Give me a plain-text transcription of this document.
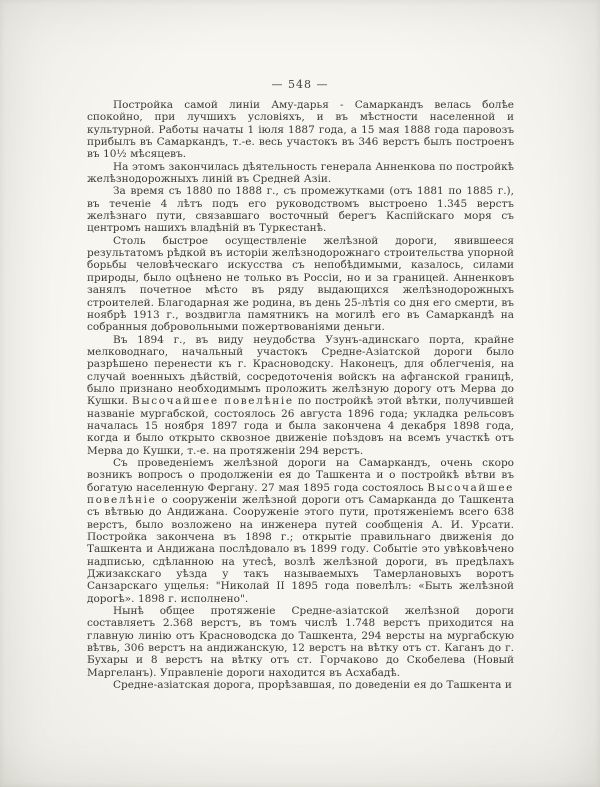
— 548 —

Постройка самой линіи Аму-дарья - Самаркандъ велась болѣе спокойно, при лучшихъ условіяхъ, и въ мѣстности населенной и культурной. Работы начаты 1 іюля 1887 года, а 15 мая 1888 года паровозъ прибылъ въ Самаркандъ, т.-е. весь участокъ въ 346 верстъ былъ построенъ въ 10½ мѣсяцевъ.

На этомъ закончилась дѣятельность генерала Анненкова по постройкѣ желѣзнодорожныхъ линій въ Средней Азіи.

За время съ 1880 по 1888 г., съ промежутками (отъ 1881 по 1885 г.), въ теченіе 4 лѣтъ подъ его руководствомъ выстроено 1.345 верстъ желѣзнаго пути, связавшаго восточный берегъ Каспійскаго моря съ центромъ нашихъ владѣній въ Туркестанѣ.

Столь быстрое осуществленіе желѣзной дороги, явившееся результатомъ рѣдкой въ исторіи желѣзнодорожнаго строительства упорной борьбы человѣческаго искусства съ непобѣдимыми, казалось, силами природы, было оцѣнено не только въ Россіи, но и за границей. Анненковъ занялъ почетное мѣсто въ ряду выдающихся желѣзнодорожныхъ строителей. Благодарная же родина, въ день 25-лѣтія со дня его смерти, въ ноябрѣ 1913 г., воздвигла памятникъ на могилѣ его въ Самаркандѣ на собранныя добровольными пожертвованіями деньги.

Въ 1894 г., въ виду неудобства Узунъ-адинскаго порта, крайне мелководнаго, начальный участокъ Средне-Азіатской дороги было разрѣшено перенести къ г. Красноводску. Наконецъ, для облегченія, на случай военныхъ дѣйствій, сосредоточенія войскъ на афганской границѣ, было признано необходимымъ проложить желѣзную дорогу отъ Мерва до Кушки. Высочайшее повелѣніе по постройкѣ этой вѣтки, получившей названіе мургабской, состоялось 26 августа 1896 года; укладка рельсовъ началась 15 ноября 1897 года и была закончена 4 декабря 1898 года, когда и было открыто сквозное движеніе поѣздовъ на всемъ участкѣ отъ Мерва до Кушки, т.-е. на протяженіи 294 верстъ.

Съ проведеніемъ желѣзной дороги на Самаркандъ, очень скоро возникъ вопросъ о продолженіи ея до Ташкента и о постройкѣ вѣтви въ богатую населенную Фергану. 27 мая 1895 года состоялось Высочайшее повелѣніе о сооруженіи желѣзной дороги отъ Самарканда до Ташкента съ вѣтвью до Андижана. Сооруженіе этого пути, протяженіемъ всего 638 верстъ, было возложено на инженера путей сообщенія А. И. Урсати. Постройка закончена въ 1898 г.; открытіе правильнаго движенія до Ташкента и Андижана послѣдовало въ 1899 году. Событіе это увѣковѣчено надписью, сдѣланною на утесѣ, возлѣ желѣзной дороги, въ предѣлахъ Джизакскаго уѣзда у такъ называемыхъ Тамерлановыхъ воротъ Санзарскаго ущелья: "Николай II 1895 года повелѣлъ: «Быть желѣзной дорогѣ». 1898 г. исполнено".

Нынѣ общее протяженіе Средне-азіатской желѣзной дороги составляетъ 2.368 верстъ, въ томъ числѣ 1.748 верстъ приходится на главную линію отъ Красноводска до Ташкента, 294 версты на мургабскую вѣтвь, 306 верстъ на андижанскую, 12 верстъ на вѣтку отъ ст. Каганъ до г. Бухары и 8 верстъ на вѣтку отъ ст. Горчаково до Скобелева (Новый Маргеланъ). Управленіе дороги находится въ Асхабадѣ.

Средне-азіатская дорога, прорѣзавшая, по доведеніи ея до Ташкента и
